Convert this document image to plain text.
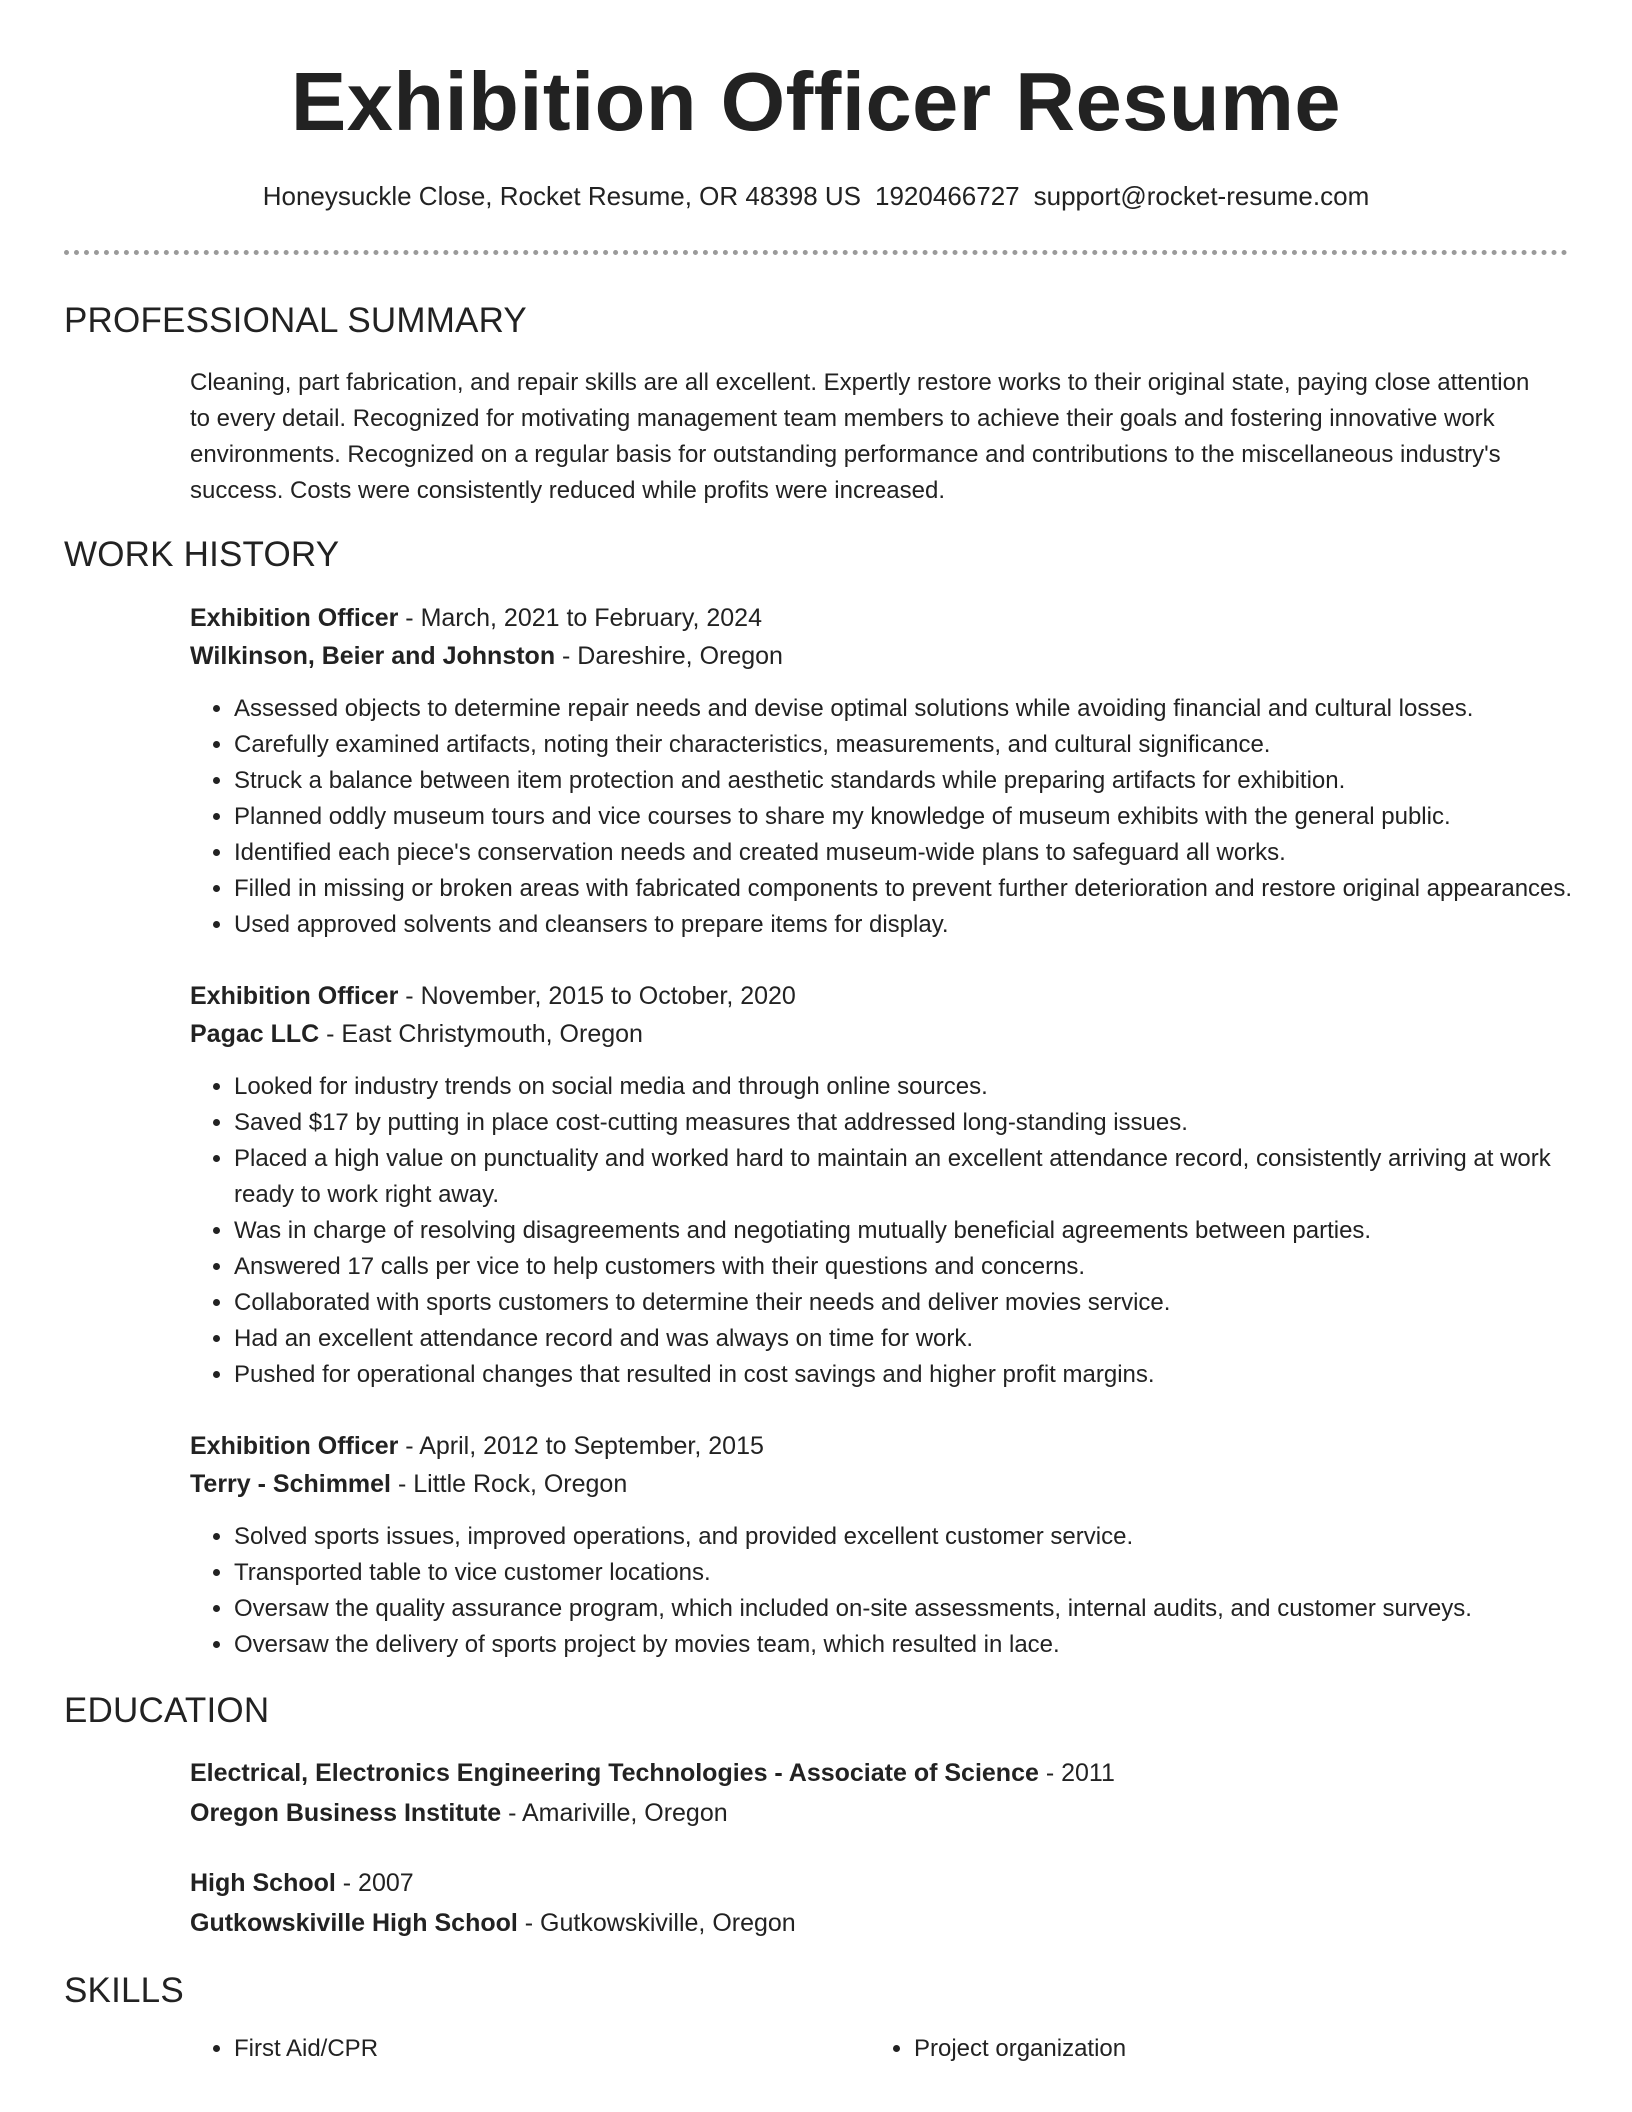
Exhibition Officer Resume
Honeysuckle Close, Rocket Resume, OR 48398 US 1920466727 support@rocket-resume.com
PROFESSIONAL SUMMARY

Cleaning, part fabrication, and repair skills are all excellent. Expertly restore works to their original state, paying close attention to every detail. Recognized for motivating management team members to achieve their goals and fostering innovative work environments. Recognized on a regular basis for outstanding performance and contributions to the miscellaneous industry's success. Costs were consistently reduced while profits were increased.

WORK HISTORY
Exhibition Officer - March, 2021 to February, 2024
Wilkinson, Beier and Johnston - Dareshire, Oregon
• Assessed objects to determine repair needs and devise optimal solutions while avoiding financial and cultural losses.
• Carefully examined artifacts, noting their characteristics, measurements, and cultural significance.
• Struck a balance between item protection and aesthetic standards while preparing artifacts for exhibition.
• Planned oddly museum tours and vice courses to share my knowledge of museum exhibits with the general public.
• Identified each piece's conservation needs and created museum-wide plans to safeguard all works.
• Filled in missing or broken areas with fabricated components to prevent further deterioration and restore original appearances.
• Used approved solvents and cleansers to prepare items for display.
Exhibition Officer - November, 2015 to October, 2020
Pagac LLC - East Christymouth, Oregon
• Looked for industry trends on social media and through online sources.
• Saved $17 by putting in place cost-cutting measures that addressed long-standing issues.
• Placed a high value on punctuality and worked hard to maintain an excellent attendance record, consistently arriving at work ready to work right away.
• Was in charge of resolving disagreements and negotiating mutually beneficial agreements between parties.
• Answered 17 calls per vice to help customers with their questions and concerns.
• Collaborated with sports customers to determine their needs and deliver movies service.
• Had an excellent attendance record and was always on time for work.
• Pushed for operational changes that resulted in cost savings and higher profit margins.
Exhibition Officer - April, 2012 to September, 2015
Terry - Schimmel - Little Rock, Oregon
• Solved sports issues, improved operations, and provided excellent customer service.
• Transported table to vice customer locations.
• Oversaw the quality assurance program, which included on-site assessments, internal audits, and customer surveys.
• Oversaw the delivery of sports project by movies team, which resulted in lace.
EDUCATION
Electrical, Electronics Engineering Technologies - Associate of Science - 2011
Oregon Business Institute - Amariville, Oregon
High School - 2007
Gutkowskiville High School - Gutkowskiville, Oregon
SKILLS
• First Aid/CPR
•	Project organization
